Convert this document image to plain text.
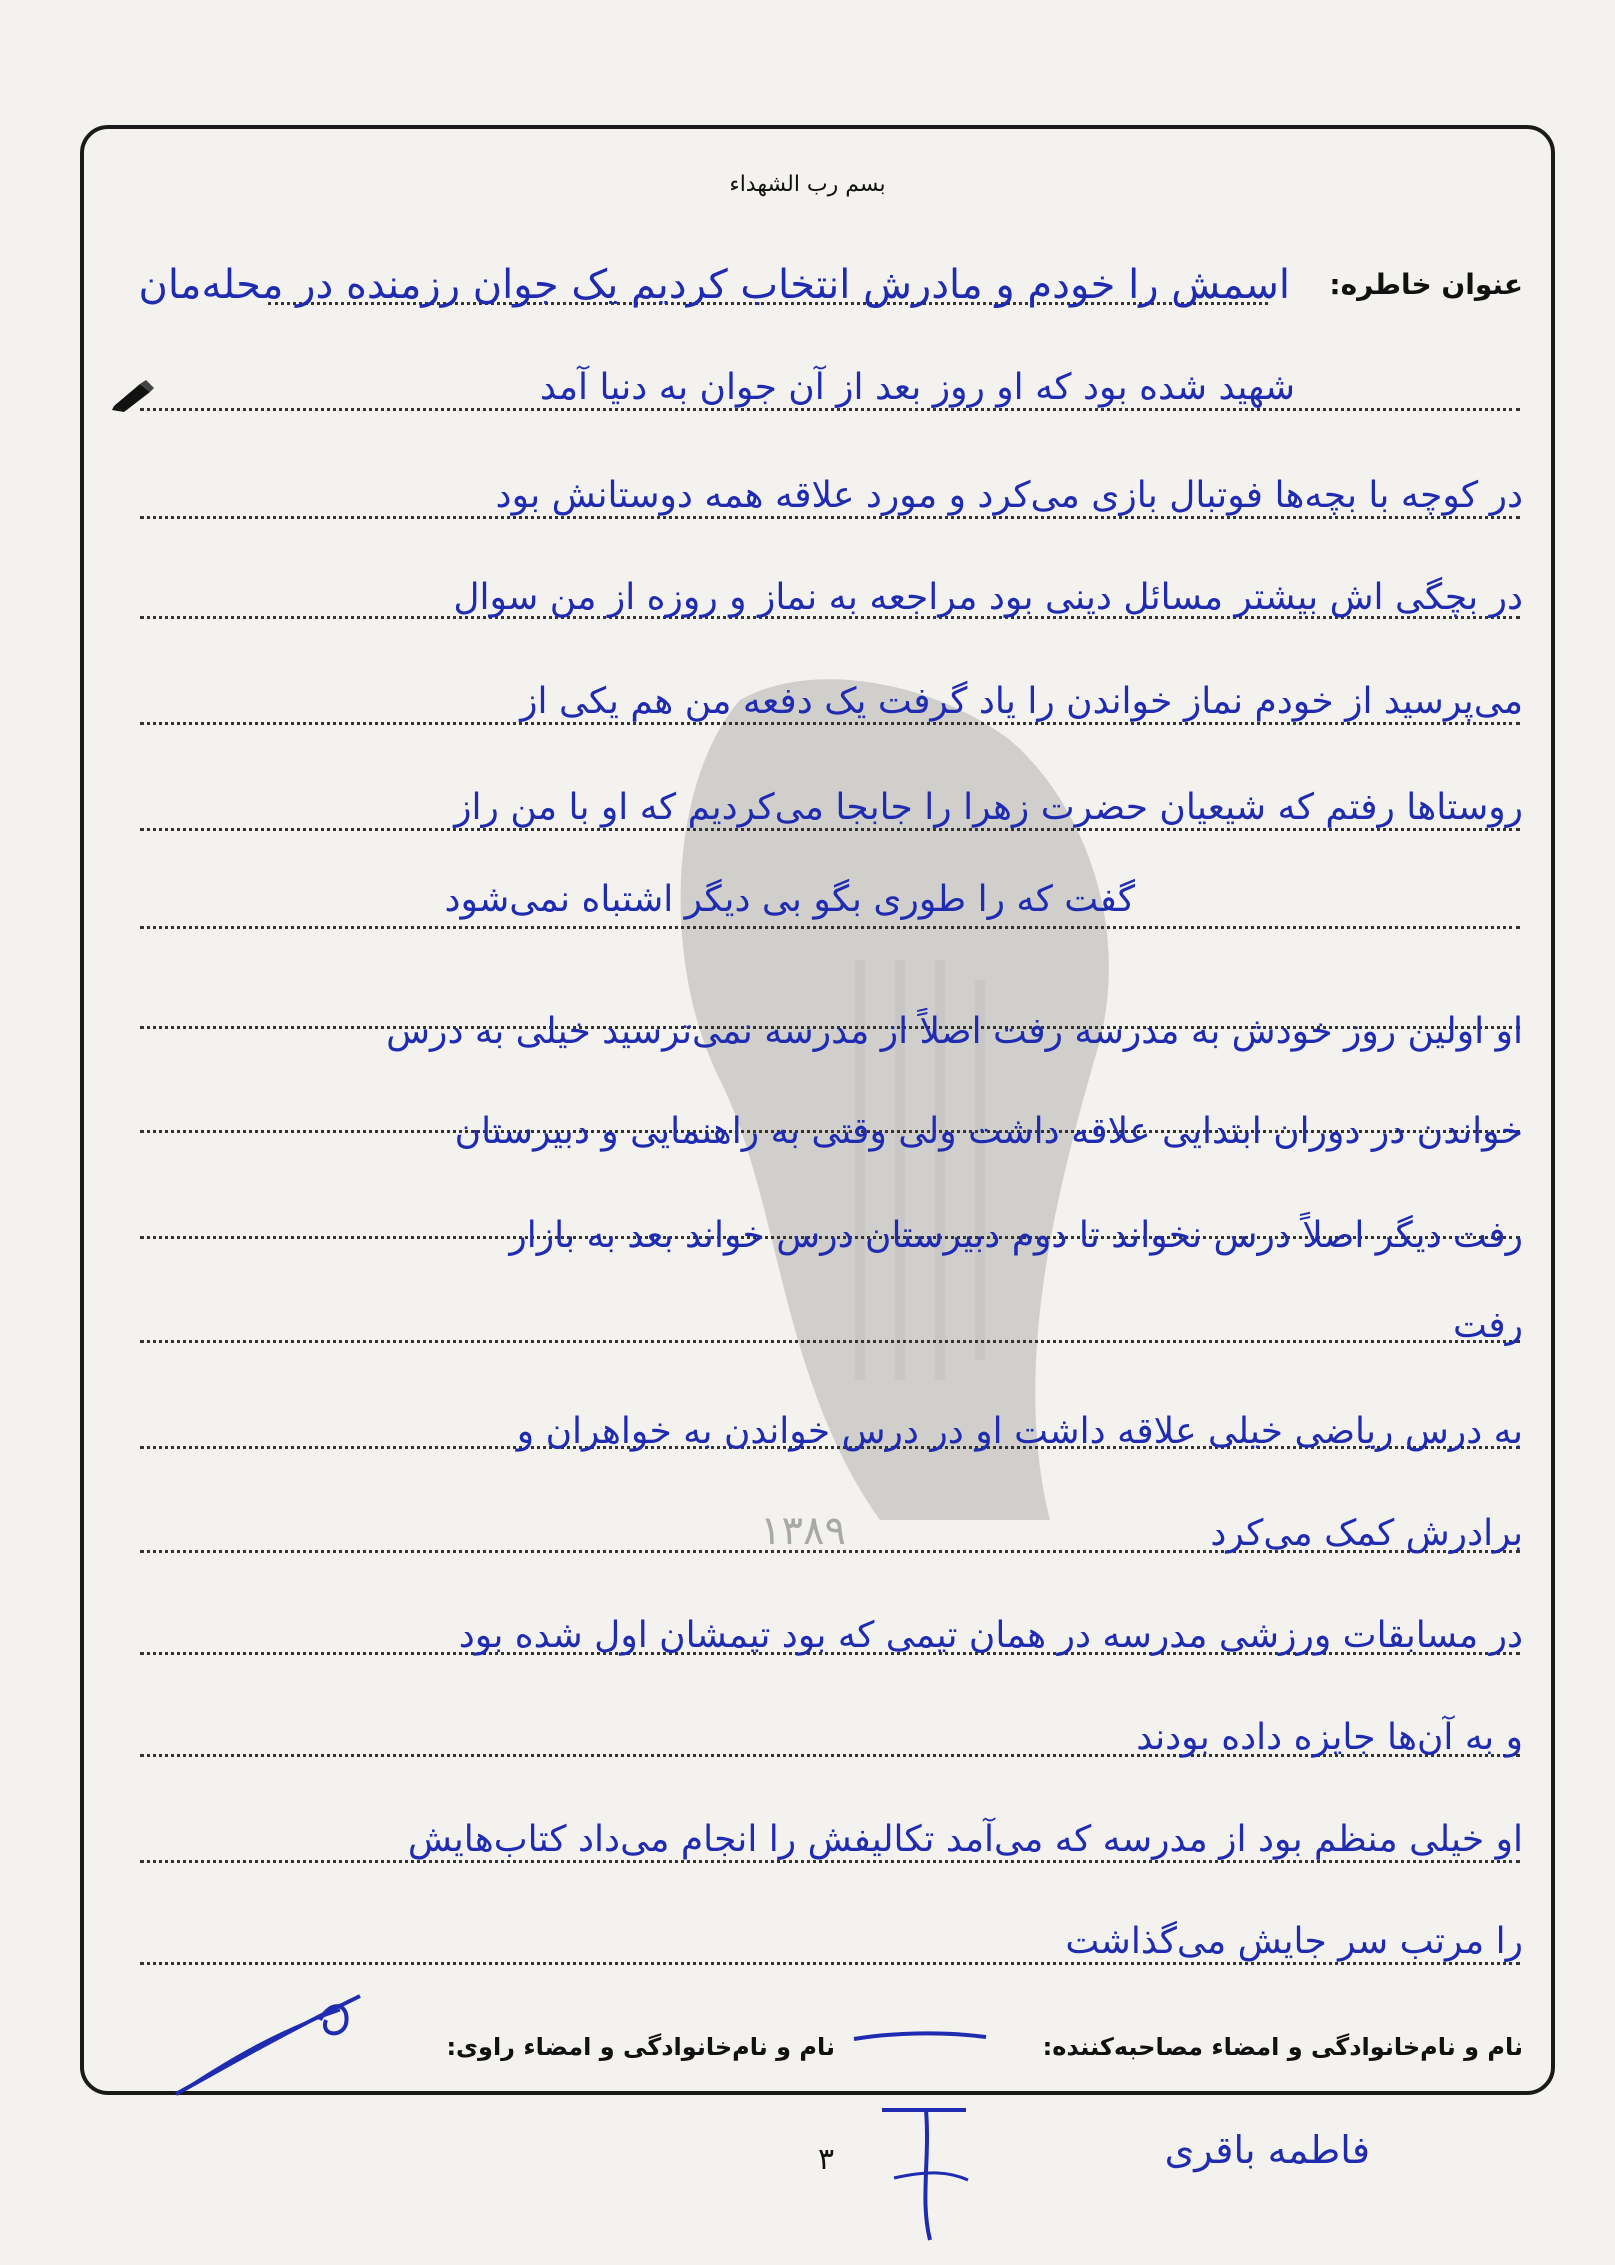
۱۳۸۹
بسم رب الشهداء
عنوان خاطره:
اسمش را خودم و مادرش انتخاب کردیم یک جوان رزمنده در محله‌مان
شهید شده بود که او روز بعد از آن جوان به دنیا آمد
در کوچه با بچه‌ها فوتبال بازی می‌کرد و مورد علاقه همه دوستانش بود
در بچگی اش بیشتر مسائل دینی بود مراجعه به نماز و روزه از من سوال
می‌پرسید از خودم نماز خواندن را یاد گرفت یک دفعه من هم یکی از
روستاها رفتم که شیعیان حضرت زهرا را جابجا می‌کردیم که او با من راز
گفت که را طوری بگو بی دیگر اشتباه نمی‌شود
او اولین روز خودش به مدرسه رفت اصلاً از مدرسه نمی‌ترسید خیلی به درس
خواندن در دوران ابتدایی علاقه داشت ولی وقتی به راهنمایی و دبیرستان
رفت دیگر اصلاً درس نخواند تا دوم دبیرستان درس خواند بعد به بازار
رفت
به درس ریاضی خیلی علاقه داشت او در درس خواندن به خواهران و
برادرش کمک می‌کرد
در مسابقات ورزشی مدرسه در همان تیمی که بود تیمشان اول شده بود
و به آن‌ها جایزه داده بودند
او خیلی منظم بود از مدرسه که می‌آمد تکالیفش را انجام می‌داد کتاب‌هایش
را مرتب سر جایش می‌گذاشت
نام و نام‌خانوادگی و امضاء مصاحبه‌کننده:
نام و نام‌خانوادگی و امضاء راوی:
فاطمه باقری
۳
